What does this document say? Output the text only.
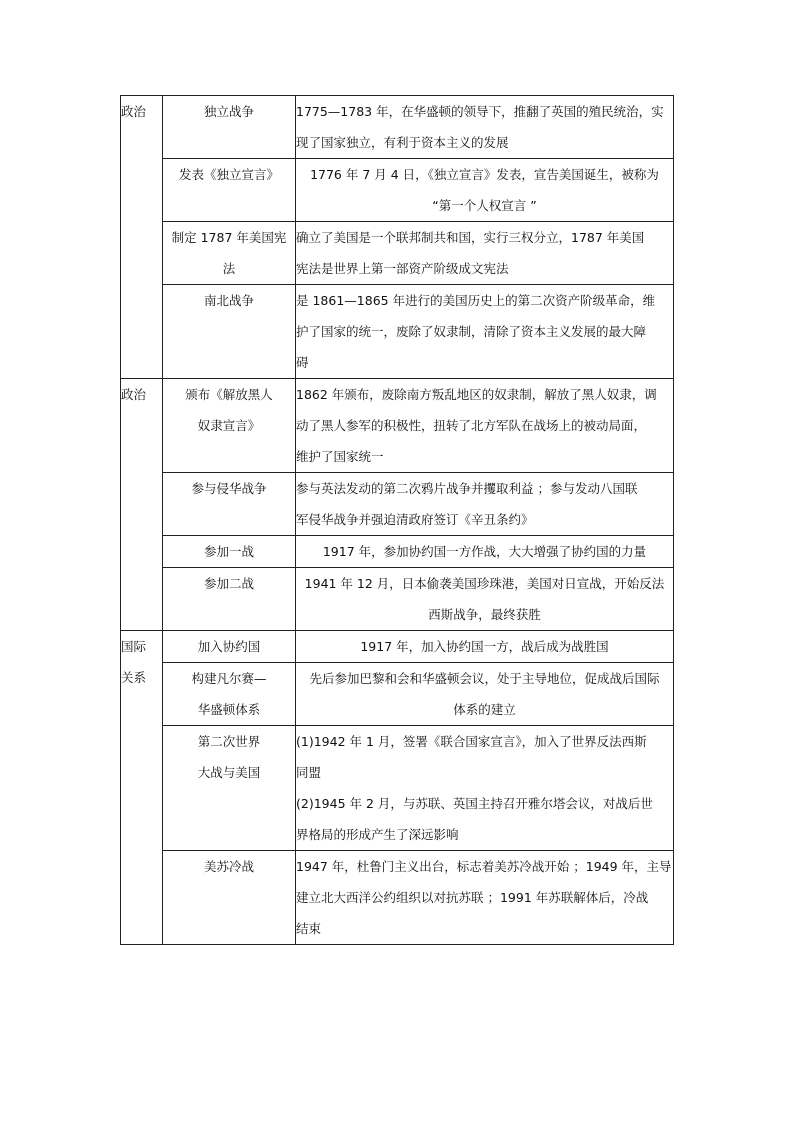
政治	独立战争	1775—1783 年，在华盛顿的领导下，推翻了英国的殖民统治，实
现了国家独立，有利于资本主义的发展

	发表《独立宣言》	1776 年 7 月 4 日，《独立宣言》发表，宣告美国诞生，被称为
“第一个人权宣言 ”

	制定 1787 年美国宪
法	确立了美国是一个联邦制共和国，实行三权分立，1787 年美国
宪法是世界上第一部资产阶级成文宪法

	南北战争	是 1861—1865 年进行的美国历史上的第二次资产阶级革命，维
护了国家的统一，废除了奴隶制，清除了资本主义发展的最大障
碍

政治	颁布《解放黑人
奴隶宣言》	1862 年颁布，废除南方叛乱地区的奴隶制，解放了黑人奴隶，调
动了黑人参军的积极性，扭转了北方军队在战场上的被动局面，
维护了国家统一

	参与侵华战争	参与英法发动的第二次鸦片战争并攫取利益 ；参与发动八国联
军侵华战争并强迫清政府签订《辛丑条约》

	参加一战	1917 年，参加协约国一方作战，大大增强了协约国的力量

	参加二战	1941 年 12 月，日本偷袭美国珍珠港，美国对日宣战，开始反法
西斯战争，最终获胜

国际
关系	加入协约国	1917 年，加入协约国一方，战后成为战胜国

	构建凡尔赛—
华盛顿体系	先后参加巴黎和会和华盛顿会议，处于主导地位，促成战后国际
体系的建立

	第二次世界
大战与美国	(1)1942 年 1 月，签署《联合国家宣言》，加入了世界反法西斯
同盟
(2)1945 年 2 月，与苏联、英国主持召开雅尔塔会议，对战后世
界格局的形成产生了深远影响

	美苏冷战	1947 年，杜鲁门主义出台，标志着美苏冷战开始 ；1949 年，主导
建立北大西洋公约组织以对抗苏联 ；1991 年苏联解体后，冷战
结束
